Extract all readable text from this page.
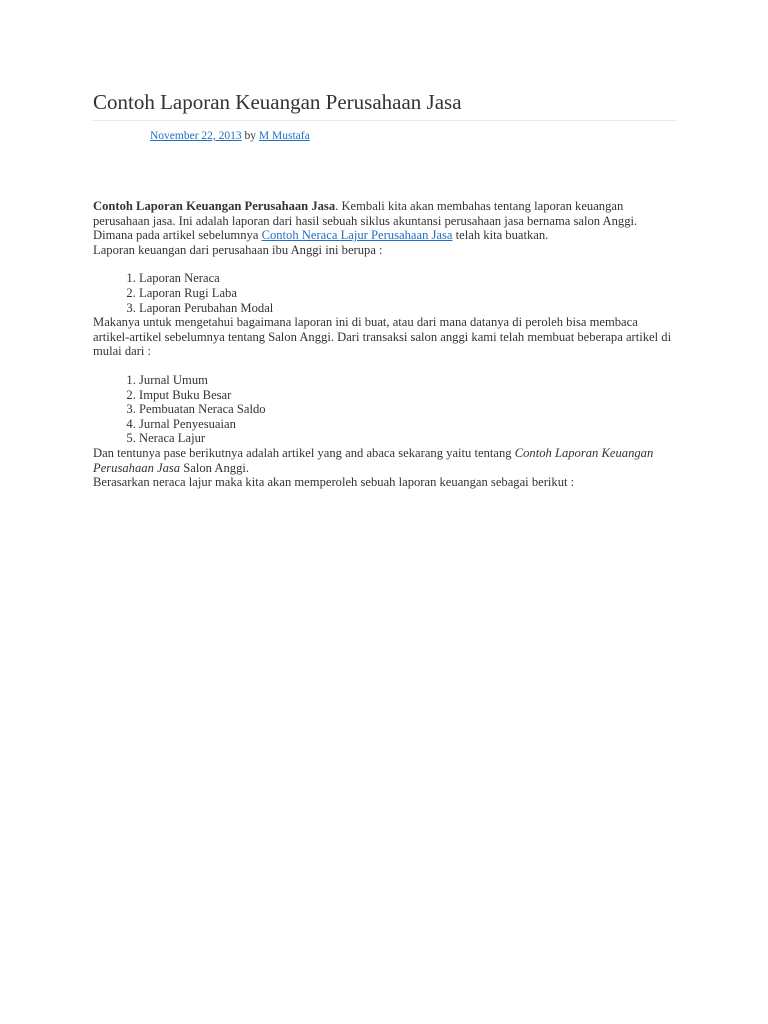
Contoh Laporan Keuangan Perusahaan Jasa
November 22, 2013 by M Mustafa

Contoh Laporan Keuangan Perusahaan Jasa. Kembali kita akan membahas tentang laporan keuangan perusahaan jasa. Ini adalah laporan dari hasil sebuah siklus akuntansi perusahaan jasa bernama salon Anggi. Dimana pada artikel sebelumnya Contoh Neraca Lajur Perusahaan Jasa telah kita buatkan.
Laporan keuangan dari perusahaan ibu Anggi ini berupa :

1. Laporan Neraca
2. Laporan Rugi Laba
3. Laporan Perubahan Modal

Makanya untuk mengetahui bagaimana laporan ini di buat, atau dari mana datanya di peroleh bisa membaca artikel-artikel sebelumnya tentang Salon Anggi. Dari transaksi salon anggi kami telah membuat beberapa artikel di mulai dari :

1. Jurnal Umum
2. Imput Buku Besar
3. Pembuatan Neraca Saldo
4. Jurnal Penyesuaian
5. Neraca Lajur

Dan tentunya pase berikutnya adalah artikel yang and abaca sekarang yaitu tentang Contoh Laporan Keuangan Perusahaan Jasa Salon Anggi.

Berasarkan neraca lajur maka kita akan memperoleh sebuah laporan keuangan sebagai berikut :
